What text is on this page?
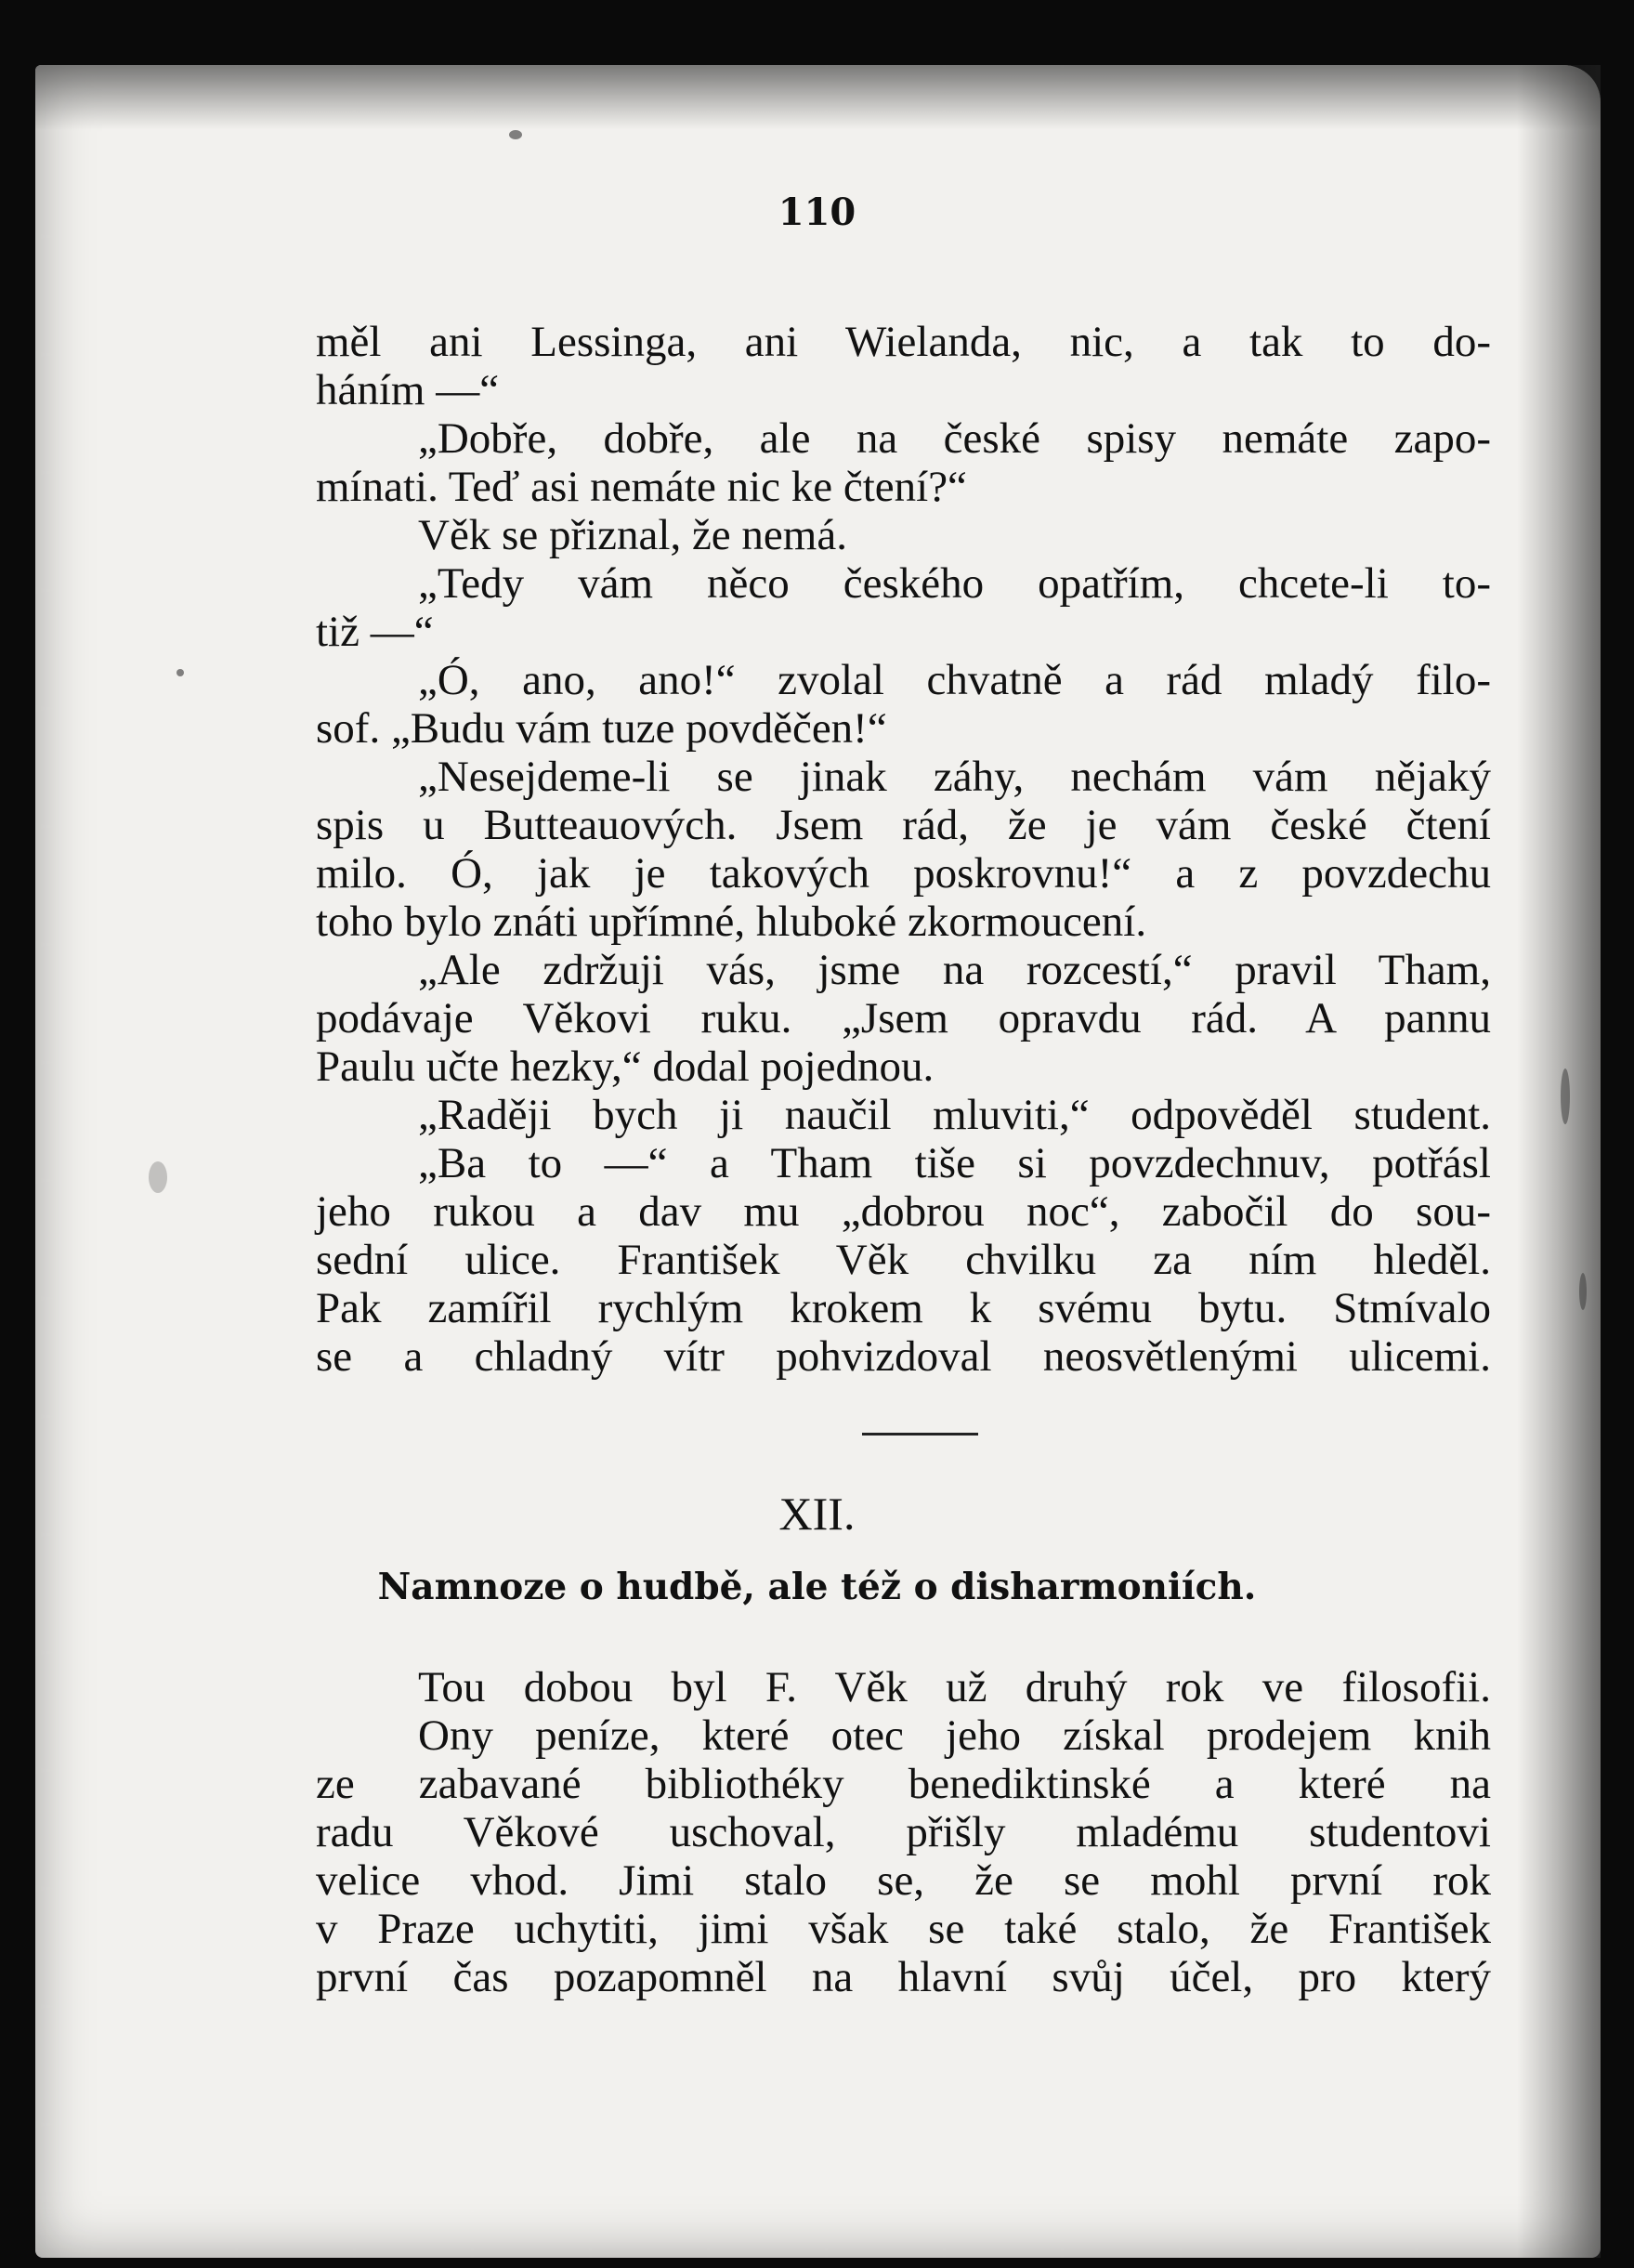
110
měl ani Lessinga, ani Wielanda, nic, a tak to do-
háním —“
„Dobře, dobře, ale na české spisy nemáte zapo-
mínati. Teď asi nemáte nic ke čtení?“
Věk se přiznal, že nemá.
„Tedy vám něco českého opatřím, chcete-li to-
tiž —“
„Ó, ano, ano!“ zvolal chvatně a rád mladý filo-
sof. „Budu vám tuze povděčen!“
„Nesejdeme-li se jinak záhy, nechám vám nějaký
spis u Butteauových. Jsem rád, že je vám české čtení
milo. Ó, jak je takových poskrovnu!“ a z povzdechu
toho bylo znáti upřímné, hluboké zkormoucení.
„Ale zdržuji vás, jsme na rozcestí,“ pravil Tham,
podávaje Věkovi ruku. „Jsem opravdu rád. A pannu
Paulu učte hezky,“ dodal pojednou.
„Raději bych ji naučil mluviti,“ odpověděl student.
„Ba to —“ a Tham tiše si povzdechnuv, potřásl
jeho rukou a dav mu „dobrou noc“, zabočil do sou-
sední ulice. František Věk chvilku za ním hleděl.
Pak zamířil rychlým krokem k svému bytu. Stmívalo
se a chladný vítr pohvizdoval neosvětlenými ulicemi.
XII.
Namnoze o hudbě, ale též o disharmoniích.
Tou dobou byl F. Věk už druhý rok ve filosofii.
Ony peníze, které otec jeho získal prodejem knih
ze zabavané bibliothéky benediktinské a které na
radu Věkové uschoval, přišly mladému studentovi
velice vhod. Jimi stalo se, že se mohl první rok
v Praze uchytiti, jimi však se také stalo, že František
první čas pozapomněl na hlavní svůj účel, pro který
